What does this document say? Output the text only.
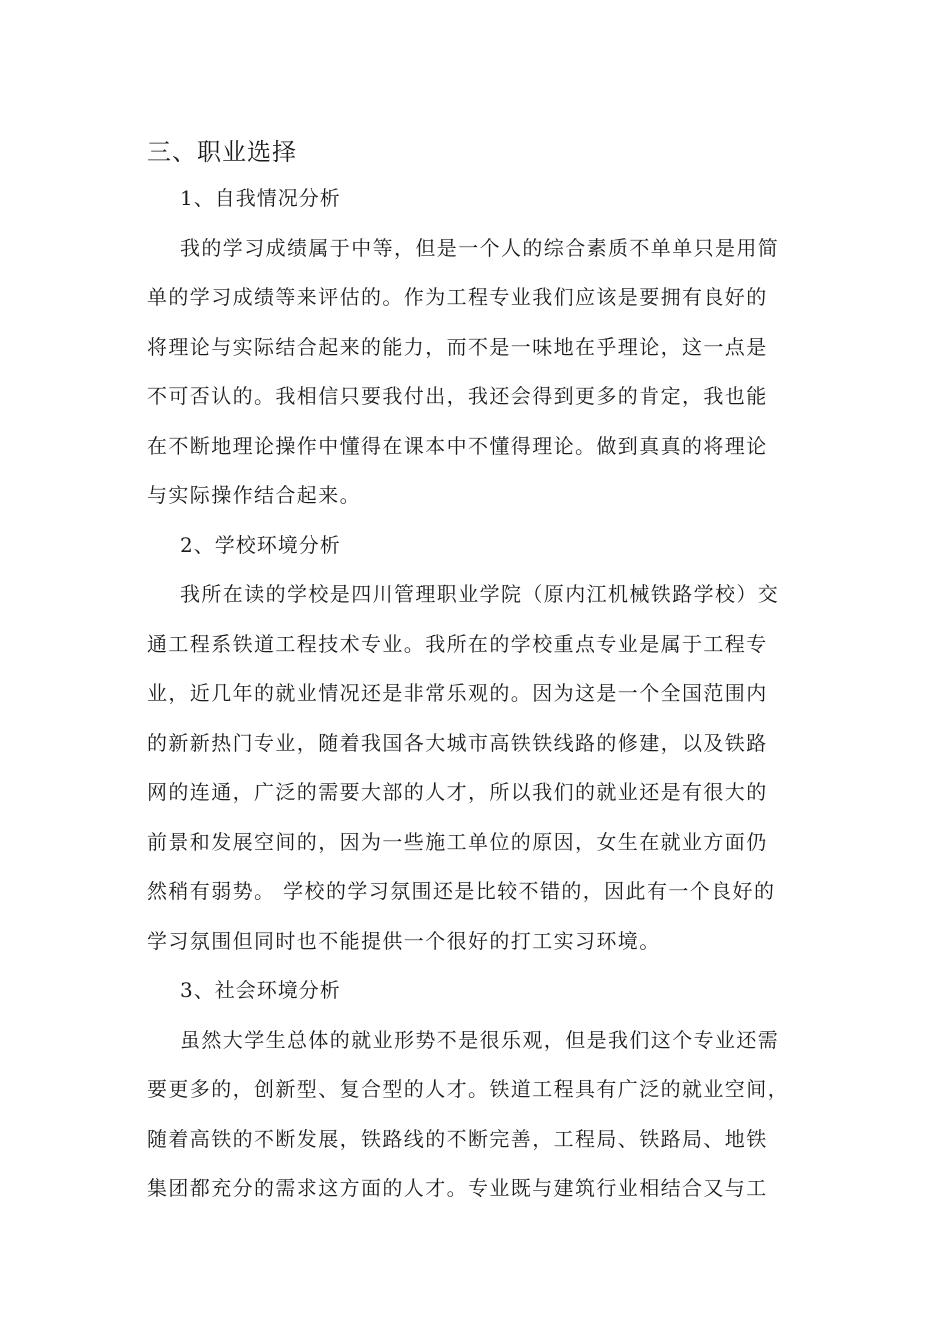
三、职业选择
1、自我情况分析
我的学习成绩属于中等，但是一个人的综合素质不单单只是用简
单的学习成绩等来评估的。作为工程专业我们应该是要拥有良好的
将理论与实际结合起来的能力，而不是一味地在乎理论，这一点是
不可否认的。我相信只要我付出，我还会得到更多的肯定，我也能
在不断地理论操作中懂得在课本中不懂得理论。做到真真的将理论
与实际操作结合起来。
2、学校环境分析
我所在读的学校是四川管理职业学院（原内江机械铁路学校）交
通工程系铁道工程技术专业。我所在的学校重点专业是属于工程专
业，近几年的就业情况还是非常乐观的。因为这是一个全国范围内
的新新热门专业，随着我国各大城市高铁铁线路的修建，以及铁路
网的连通，广泛的需要大部的人才，所以我们的就业还是有很大的
前景和发展空间的，因为一些施工单位的原因，女生在就业方面仍
然稍有弱势。 学校的学习氛围还是比较不错的，因此有一个良好的
学习氛围但同时也不能提供一个很好的打工实习环境。
3、社会环境分析
虽然大学生总体的就业形势不是很乐观，但是我们这个专业还需
要更多的，创新型、复合型的人才。铁道工程具有广泛的就业空间，
随着高铁的不断发展，铁路线的不断完善，工程局、铁路局、地铁
集团都充分的需求这方面的人才。专业既与建筑行业相结合又与工
